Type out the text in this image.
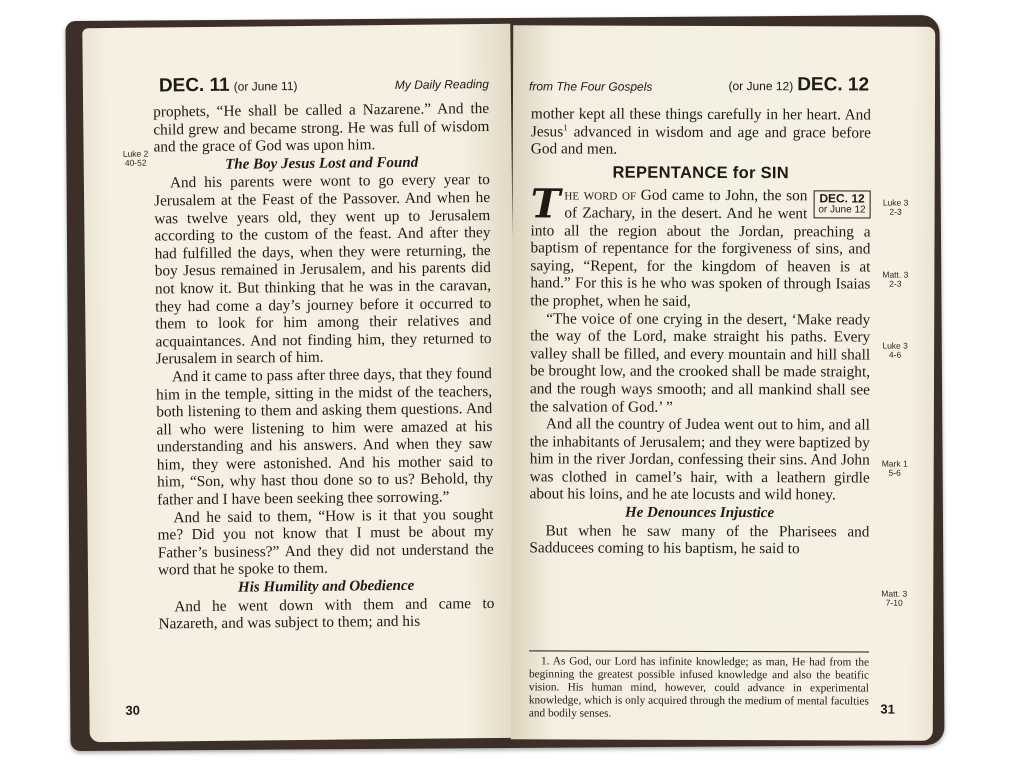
DEC. 11 (or June 11)	My Daily Reading
Luke 2
40-52

prophets, “He shall be called a Nazarene.” And the child grew and became strong. He was full of wisdom and the grace of God was upon him.

The Boy Jesus Lost and Found

And his parents were wont to go every year to Jerusalem at the Feast of the Passover. And when he was twelve years old, they went up to Jerusalem according to the custom of the feast. And after they had fulfilled the days, when they were returning, the boy Jesus remained in Jerusalem, and his parents did not know it. But thinking that he was in the caravan, they had come a day’s journey before it occurred to them to look for him among their relatives and acquaintances. And not finding him, they returned to Jerusalem in search of him.

And it came to pass after three days, that they found him in the temple, sitting in the midst of the teachers, both listening to them and asking them questions. And all who were listening to him were amazed at his understanding and his answers. And when they saw him, they were astonished. And his mother said to him, “Son, why hast thou done so to us? Behold, thy father and I have been seeking thee sorrowing.”

And he said to them, “How is it that you sought me? Did you not know that I must be about my Father’s business?” And they did not understand the word that he spoke to them.

His Humility and Obedience

And he went down with them and came to Nazareth, and was subject to them; and his

30
from The Four Gospels	(or June 12) DEC. 12
Luke 3
2-3
Matt. 3
2-3
Luke 3
4-6
Mark 1
5-6
Matt. 3
7-10

mother kept all these things carefully in her heart. And Jesus$^1$ advanced in wisdom and age and grace before God and men.

REPENTANCE for SIN

T	DEC. 12
or June 12
he word of God came to John, the son of Zachary, in the desert. And he went into all the region about the Jordan, preaching a baptism of repentance for the forgiveness of sins, and saying, “Repent, for the kingdom of heaven is at hand.” For this is he who was spoken of through Isaias the prophet, when he said,

“The voice of one crying in the desert, ‘Make ready the way of the Lord, make straight his paths. Every valley shall be filled, and every mountain and hill shall be brought low, and the crooked shall be made straight, and the rough ways smooth; and all mankind shall see the salvation of God.’ ”

And all the country of Judea went out to him, and all the inhabitants of Jerusalem; and they were baptized by him in the river Jordan, confessing their sins. And John was clothed in camel’s hair, with a leathern girdle about his loins, and he ate locusts and wild honey.

He Denounces Injustice

But when he saw many of the Pharisees and Sadducees coming to his baptism, he said to

1. As God, our Lord has infinite knowledge; as man, He had from the beginning the greatest possible infused knowledge and also the beatific vision. His human mind, however, could advance in experimental knowledge, which is only acquired through the medium of mental faculties and bodily senses.	31
